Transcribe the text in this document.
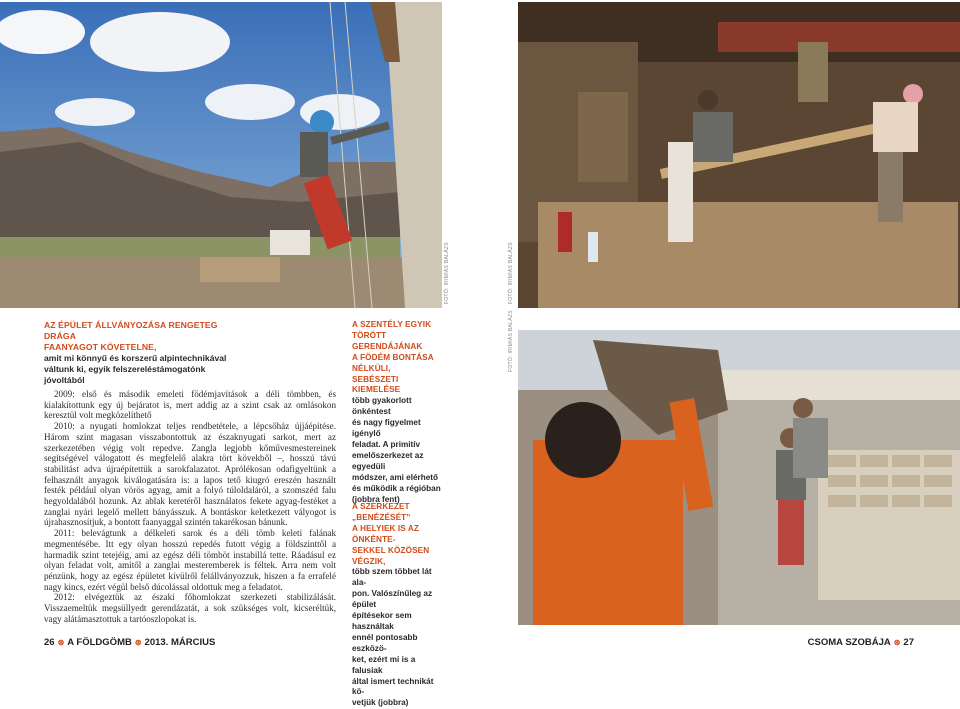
FOTÓ: IRIMIÁS BALÁZS	FOTÓ: IRIMIÁS BALÁZS
FOTÓ: IRIMIÁS BALÁZS
AZ ÉPÜLET ÁLLVÁNYOZÁSA RENGETEG DRÁGA
FAANYAGOT KÖVETELNE,
amit mi könnyű és korszerű alpintechnikával
váltunk ki, egyik felszereléstámogatónk jóvoltából

2009: első és második emeleti födémjavítások a déli tömbben, és kialakítottunk egy új bejáratot is, mert addig az a szint csak az omlásokon keresztül volt megközelíthető

2010: a nyugati homlokzat teljes rendbetétele, a lépcsőház újjáépítése. Három szint magasan visszabontottuk az északnyugati sarkot, mert az szerkezetében végig volt repedve. Zangla legjobb kőművesmestereinek segítségével válogatott és megfelelő alakra tört kövekből –, hosszú távú stabilitást adva újraépítettük a sarokfalazatot. Aprólékosan odafigyeltünk a felhasznált anyagok kiválogatására is: a lapos tető kiugró ereszén használt festék például olyan vörös agyag, amit a folyó túloldaláról, a szomszéd falu hegyoldalából hozunk. Az ablak keretéről használatos fekete agyag-festéket a zanglai nyári legelő mellett bányásszuk. A bontáskor keletkezett vályogot is újrahasznosítjuk, a bontott faanyaggal szintén takarékosan bánunk.

2011: belevágtunk a délkeleti sarok és a déli tömb keleti falának megmentésébe. Itt egy olyan hosszú repedés futott végig a földszinttől a harmadik szint tetejéig, ami az egész déli tömböt instabillá tette. Ráadásul ez olyan feladat volt, amitől a zanglai mesteremberek is féltek. Arra nem volt pénzünk, hogy az egész épületet kívülről felállványozzuk, hiszen a fa errafelé nagy kincs, ezért végül belső dúcolással oldottuk meg a feladatot.

2012: elvégeztük az északi főhomlokzat szerkezeti stabilizálását. Visszaemeltük megsüllyedt gerendázatát, a sok szükséges volt, kicseréltük, vagy alátámasztottuk a tartóoszlopokat is.

A SZENTÉLY EGYIK
TÖRÖTT GERENDÁJÁNAK
A FÖDÉM BONTÁSA NÉLKÜLI,
SEBÉSZETI KIEMELÉSE
több gyakorlott önkéntest
és nagy figyelmet igénylő
feladat. A primitív
emelőszerkezet az egyedüli
módszer, ami elérhető
és működik a régióban
(jobbra fent)
A SZERKEZET „BENÉZÉSÉT”
A HELYIEK IS AZ ÖNKÉNTE-
SEKKEL KÖZÖSEN VÉGZIK,
több szem többet lát ala-
pon. Valószínűleg az épület
építésekor sem használtak
ennél pontosabb eszközö-
ket, ezért mi is a falusiak
által ismert technikát kö-
vetjük (jobbra)
26 ⊛ A FÖLDGÖMB ⊛ 2013. MÁRCIUS	CSOMA SZOBÁJA ⊛ 27
